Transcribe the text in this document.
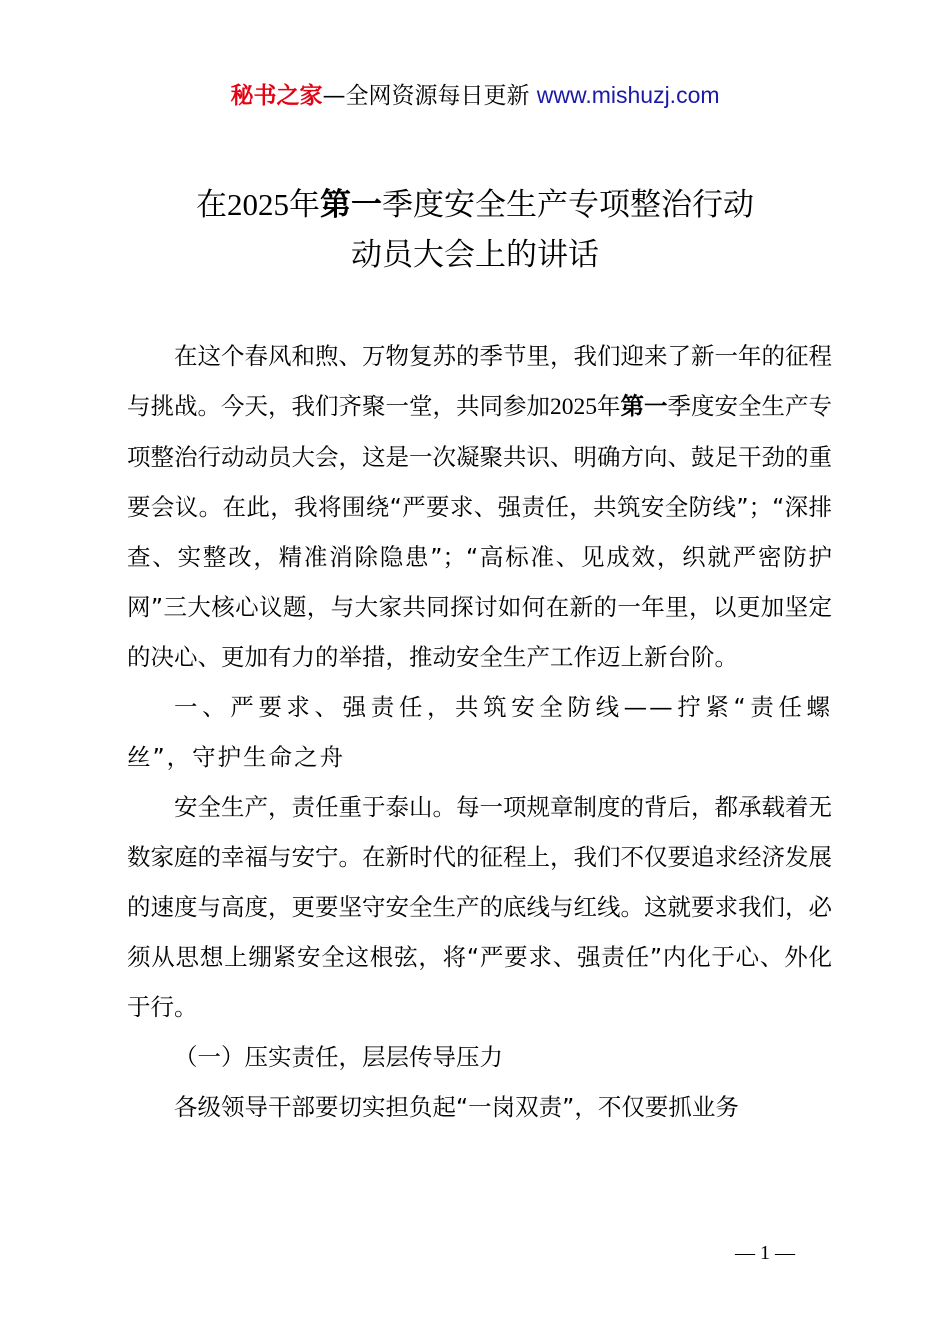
秘书之家—全网资源每日更新 www.mishuzj.com
在2025年第一季度安全生产专项整治行动
动员大会上的讲话

在这个春风和煦、万物复苏的季节里，我们迎来了新一年的征程与挑战。今天，我们齐聚一堂，共同参加2025年第一季度安全生产专项整治行动动员大会，这是一次凝聚共识、明确方向、鼓足干劲的重要会议。在此，我将围绕“严要求、强责任，共筑安全防线”；“深排查、实整改，精准消除隐患”；“高标准、见成效，织就严密防护网”三大核心议题，与大家共同探讨如何在新的一年里，以更加坚定的决心、更加有力的举措，推动安全生产工作迈上新台阶。

一、严要求、强责任，共筑安全防线——拧紧“责任螺丝”，守护生命之舟

安全生产，责任重于泰山。每一项规章制度的背后，都承载着无数家庭的幸福与安宁。在新时代的征程上，我们不仅要追求经济发展的速度与高度，更要坚守安全生产的底线与红线。这就要求我们，必须从思想上绷紧安全这根弦，将“严要求、强责任”内化于心、外化于行。

（一）压实责任，层层传导压力

各级领导干部要切实担负起“一岗双责”，不仅要抓业务

— 1 —
